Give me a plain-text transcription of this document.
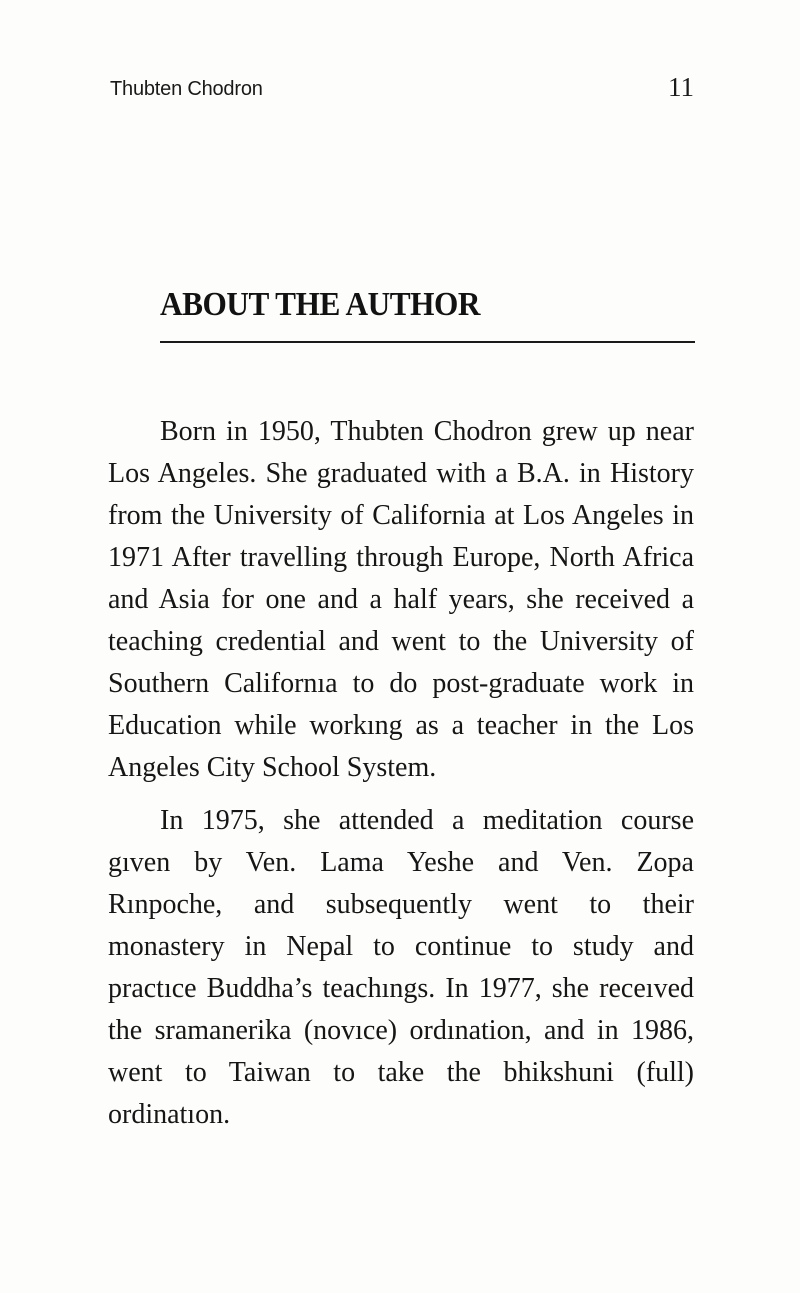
Thubten Chodron	11
ABOUT THE AUTHOR

Born in 1950, Thubten Chodron grew up near Los Angeles. She graduated with a B.A. in History from the University of California at Los Angeles in 1971 After travelling through Europe, North Africa and Asia for one and a half years, she received a teaching credential and went to the University of Southern Californıa to do post-graduate work in Education while workıng as a teacher in the Los Angeles City School System.

In 1975, she attended a meditation course gıven by Ven. Lama Yeshe and Ven. Zopa Rınpoche, and subsequently went to their monastery in Nepal to continue to study and practıce Buddha’s teachıngs. In 1977, she receıved the sramanerika (novıce) ordınation, and in 1986, went to Taiwan to take the bhikshuni (full) ordinatıon.
